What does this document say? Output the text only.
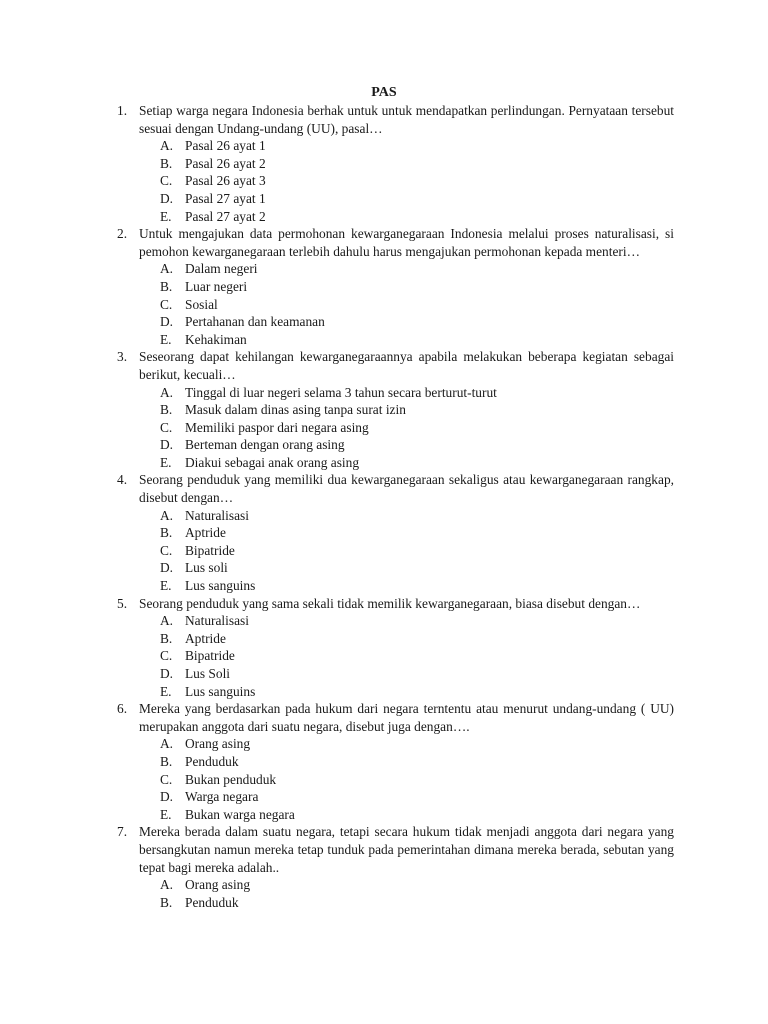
PAS
1. Setiap warga negara Indonesia berhak untuk untuk mendapatkan perlindungan. Pernyataan tersebut sesuai dengan Undang-undang (UU), pasal…
A. Pasal 26 ayat 1
B. Pasal 26 ayat 2
C. Pasal 26 ayat 3
D. Pasal 27 ayat 1
E. Pasal 27 ayat 2
2. Untuk mengajukan data permohonan kewarganegaraan Indonesia melalui proses naturalisasi, si pemohon kewarganegaraan terlebih dahulu harus mengajukan permohonan kepada menteri…
A. Dalam negeri
B. Luar negeri
C. Sosial
D. Pertahanan dan keamanan
E. Kehakiman
3. Seseorang dapat kehilangan kewarganegaraannya apabila melakukan beberapa kegiatan sebagai berikut, kecuali…
A. Tinggal di luar negeri selama 3 tahun secara berturut-turut
B. Masuk dalam dinas asing tanpa surat izin
C. Memiliki paspor dari negara asing
D. Berteman dengan orang asing
E. Diakui sebagai anak orang asing
4. Seorang penduduk yang memiliki dua kewarganegaraan sekaligus atau kewarganegaraan rangkap, disebut dengan…
A. Naturalisasi
B. Aptride
C. Bipatride
D. Lus soli
E. Lus sanguins
5. Seorang penduduk yang sama sekali tidak memilik kewarganegaraan, biasa disebut dengan…
A. Naturalisasi
B. Aptride
C. Bipatride
D. Lus Soli
E. Lus sanguins
6. Mereka yang berdasarkan pada hukum dari negara terntentu atau menurut undang-undang ( UU) merupakan anggota dari suatu negara, disebut juga dengan….
A. Orang asing
B. Penduduk
C. Bukan penduduk
D. Warga negara
E. Bukan warga negara
7. Mereka berada dalam suatu negara, tetapi secara hukum tidak menjadi anggota dari negara yang bersangkutan namun mereka tetap tunduk pada pemerintahan dimana mereka berada, sebutan yang tepat bagi mereka adalah..
A. Orang asing
B. Penduduk
